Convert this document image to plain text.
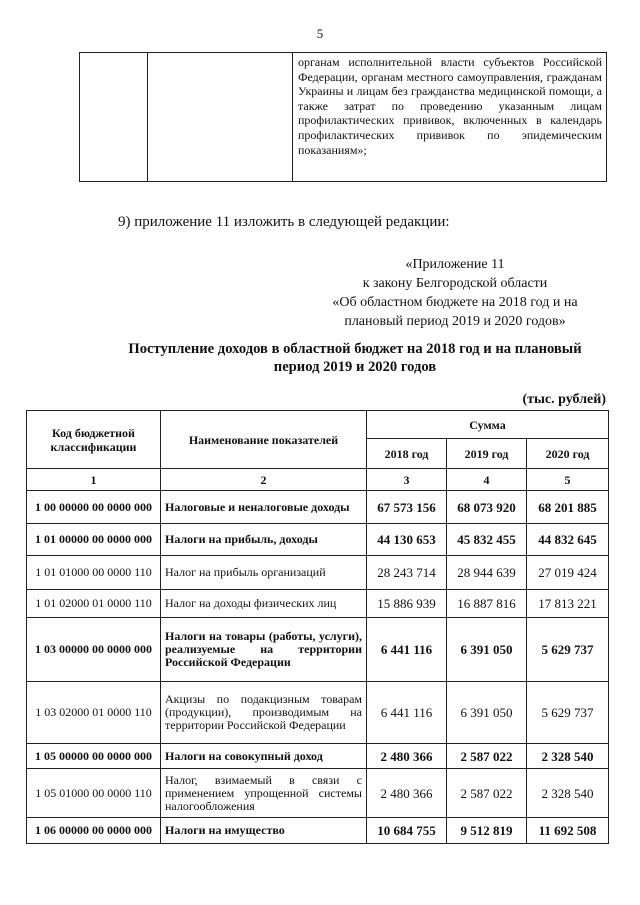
5

органам исполнительной власти субъектов Российской Федерации, органам местного самоуправления, гражданам Украины и лицам без гражданства медицинской помощи, а также затрат по проведению указанным лицам профилактических прививок, включенных в календарь профилактических прививок по эпидемическим показаниям»;
9) приложение 11 изложить в следующей редакции:
«Приложение 11
к закону Белгородской области
«Об областном бюджете на 2018 год и на
плановый период 2019 и 2020 годов»
Поступление доходов в областной бюджет на 2018 год и на плановый
период 2019 и 2020 годов
(тыс. рублей)
Код бюджетной классификации	Наименование показателей	Сумма		
		2018 год	2019 год	2020 год
1	2	3	4	5
1 00 00000 00 0000 000	Налоговые и неналоговые доходы	67 573 156	68 073 920	68 201 885
1 01 00000 00 0000 000	Налоги на прибыль, доходы	44 130 653	45 832 455	44 832 645
1 01 01000 00 0000 110	Налог на прибыль организаций	28 243 714	28 944 639	27 019 424
1 01 02000 01 0000 110	Налог на доходы физических лиц	15 886 939	16 887 816	17 813 221
1 03 00000 00 0000 000	Налоги на товары (работы, услуги), реализуемые на территории Российской Федерации	6 441 116	6 391 050	5 629 737
1 03 02000 01 0000 110	Акцизы по подакцизным товарам (продукции), производимым на территории Российской Федерации	6 441 116	6 391 050	5 629 737
1 05 00000 00 0000 000	Налоги на совокупный доход	2 480 366	2 587 022	2 328 540
1 05 01000 00 0000 110	Налог, взимаемый в связи с применением упрощенной системы налогообложения	2 480 366	2 587 022	2 328 540
1 06 00000 00 0000 000	Налоги на имущество	10 684 755	9 512 819	11 692 508
